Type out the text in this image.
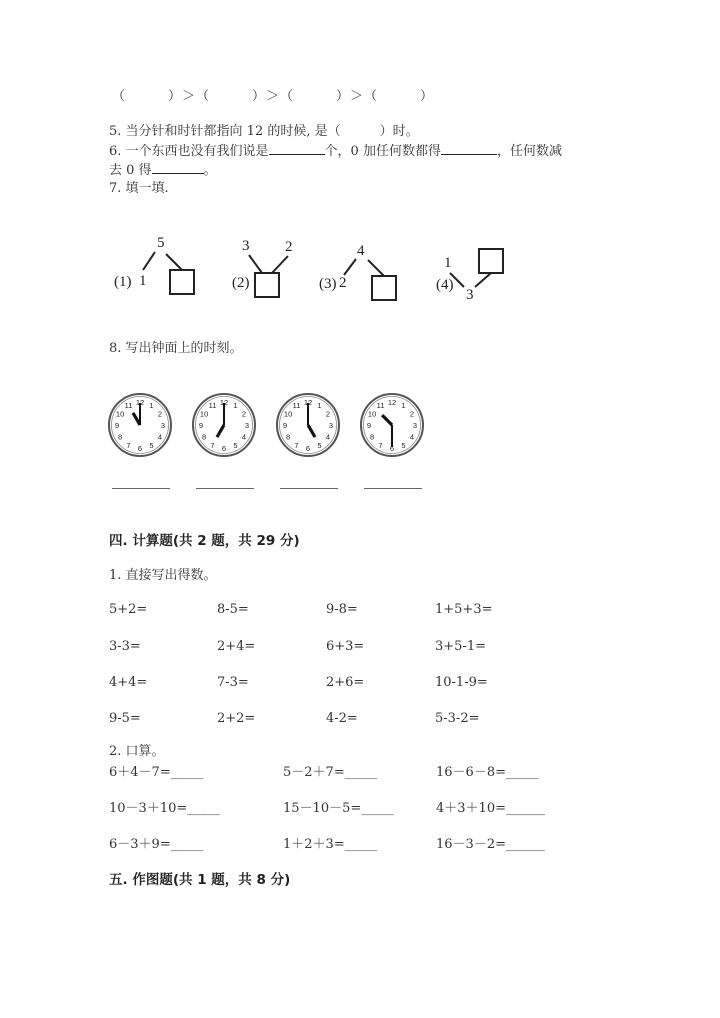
（　　　）＞（　　　）＞（　　　）＞（　　　）
5. 当分针和时针都指向 12 的时候, 是（　　　）时。
6. 一个东西也没有我们说是	个，0 加任何数都得	，任何数减
去 0 得	。
7. 填一填.
(1) 1
5
(2)
3 2
(3) 2
4
(4)
1
3
8. 写出钟面上的时刻。
1
2
3
4
5
6
7
8
9
10
11 12	1
2
3
4
5
6
7
8
9
10
11 12	1
2
3
4
5
6
7
8
9
10
11 12	1
2
3
4
5
6
7
8
9
10
11 12
四. 计算题(共 2 题，共 29 分)
1. 直接写出得数。
2. 口算。
五. 作图题(共 1 题，共 8 分)
5+2=	8-5=	9-8=	1+5+3=
3-3=	2+4=	6+3=	3+5-1=
4+4=	7-3=	2+6=	10-1-9=
9-5=	2+2=	4-2=	5-3-2=
6＋4－7=_____	5－2＋7=_____	16－6－8=_____
10－3＋10=_____	15－10－5=_____	4＋3＋10=______
6－3＋9=_____	1＋2＋3=_____	16－3－2=______
